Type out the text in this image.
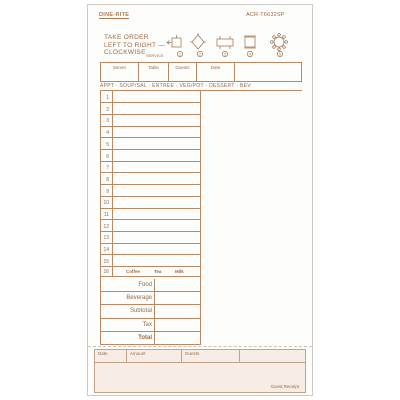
DINE-RITE	ACR-T6632SP
TAKE ORDER
LEFT TO RIGHT —
CLOCKWISE SERVICE	1	2	3	4	5
Server	Table	Guests	Date
APPT · SOUP/SAL · ENTREE · VEG/POT · DESSERT · BEV
1
2
3
4
5
6
7
8
9
10
11
12
13
14
15
16	Coffee	Tea	Milk
Food
Beverage
Subtotal
Tax
Total
Date	Amount	Guests
Guest Receipt
